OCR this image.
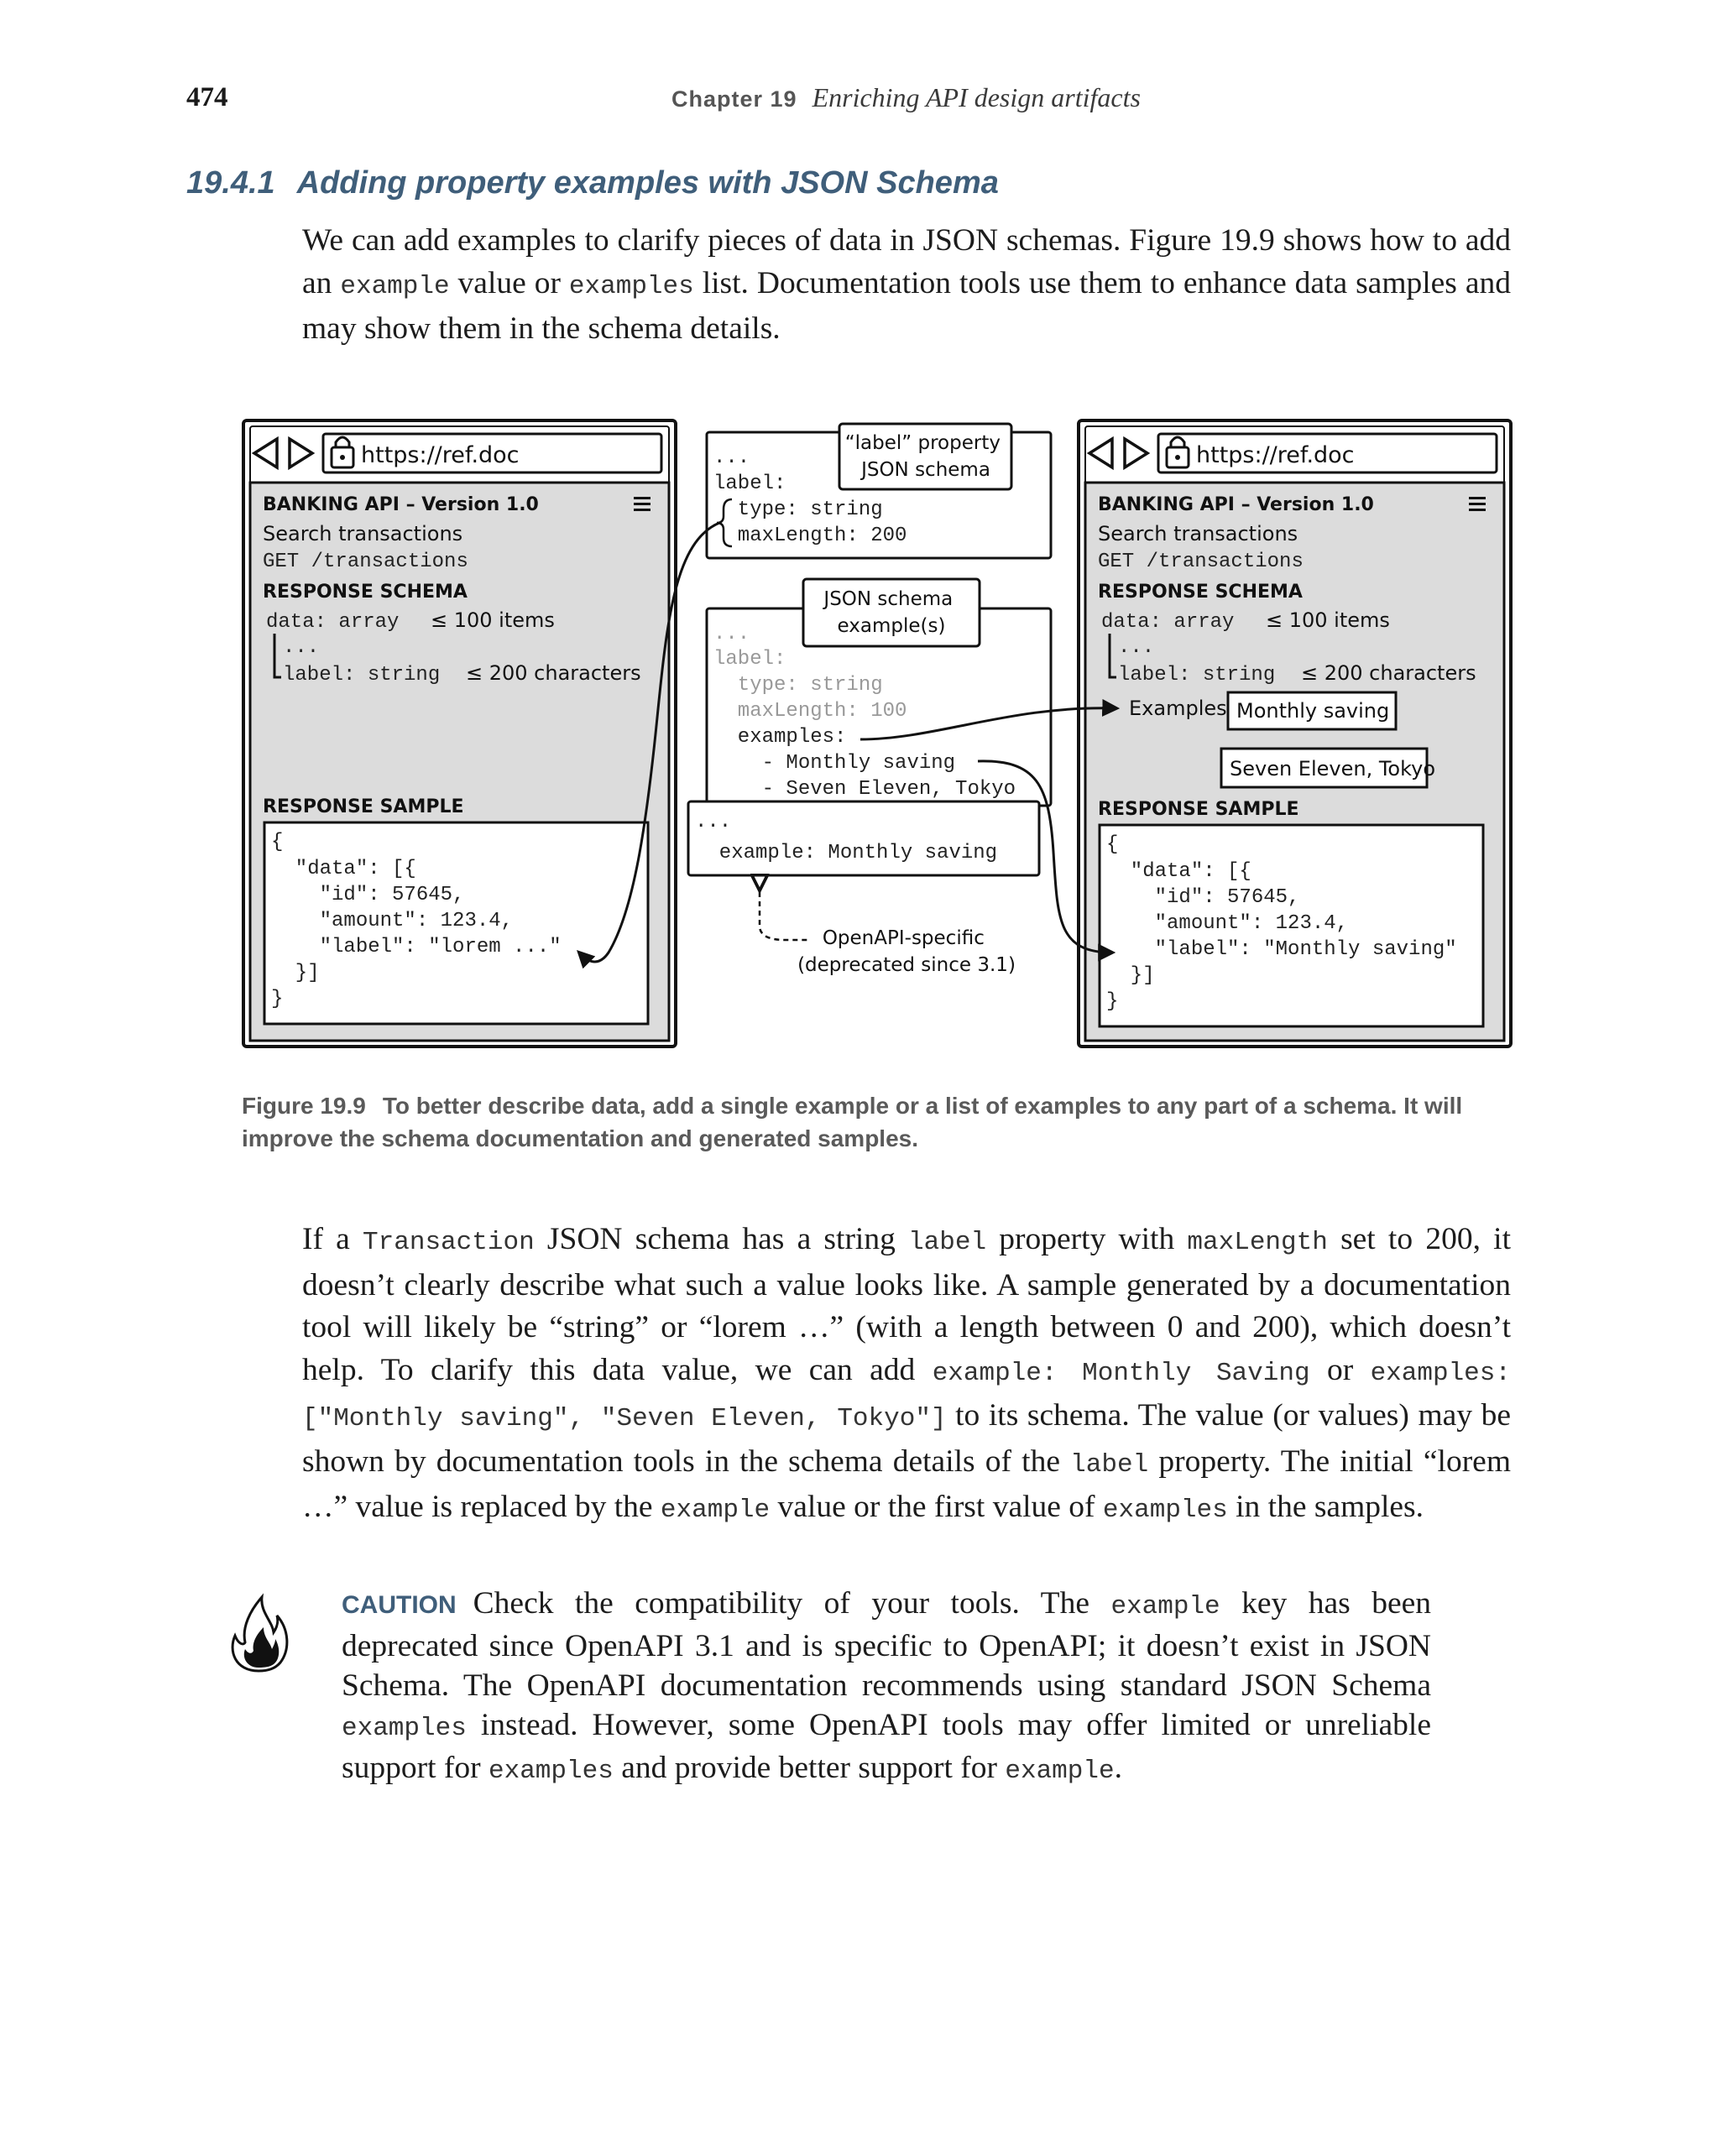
474	Chapter 19 Enriching API design artifacts
19.4.1 Adding property examples with JSON Schema
We can add examples to clarify pieces of data in JSON schemas. Figure 19.9 shows how to add an example value or examples list. Documentation tools use them to enhance data samples and may show them in the schema details.
https://ref.doc
BANKING API – Version 1.0
Search transactions
GET /transactions
RESPONSE SCHEMA
data: array ≤ 100 items
...
label: string ≤ 200 characters
RESPONSE SAMPLE
{   "data": [{     "id": 57645,     "amount": 123.4,     "label": "lorem ..."   }] }
... label:   type: string   maxLength: 200
“label” property JSON schema
... label:   type: string   maxLength: 100   examples:     - Monthly saving     - Seven Eleven, Tokyo
JSON schema example(s)
...   example: Monthly saving
OpenAPI-specific (deprecated since 3.1)
https://ref.doc
BANKING API – Version 1.0
Search transactions
GET /transactions
RESPONSE SCHEMA
data: array ≤ 100 items
...
label: string ≤ 200 characters
Examples Monthly saving
Seven Eleven, Tokyo
RESPONSE SAMPLE
{   "data": [{     "id": 57645,     "amount": 123.4,     "label": "Monthly saving"   }] }
Figure 19.9 To better describe data, add a single example or a list of examples to any part of a schema. It will improve the schema documentation and generated samples.
If a Transaction JSON schema has a string label property with maxLength set to 200, it doesn’t clearly describe what such a value looks like. A sample generated by a documentation tool will likely be “string” or “lorem …” (with a length between 0 and 200), which doesn’t help. To clarify this data value, we can add example: Monthly Saving or examples: ["Monthly saving", "Seven Eleven, Tokyo"] to its schema. The value (or values) may be shown by documentation tools in the schema details of the label property. The initial “lorem …” value is replaced by the example value or the first value of examples in the samples.
CAUTION Check the compatibility of your tools. The example key has been deprecated since OpenAPI 3.1 and is specific to OpenAPI; it doesn’t exist in JSON Schema. The OpenAPI documentation recommends using standard JSON Schema examples instead. However, some OpenAPI tools may offer limited or unreliable support for examples and provide better support for example.
